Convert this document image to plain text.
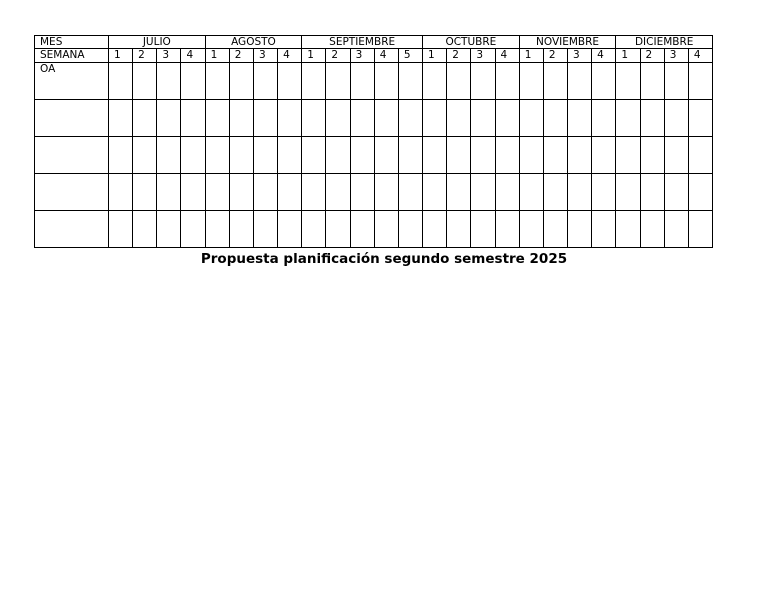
MES	JULIO				AGOSTO				SEPTIEMBRE					OCTUBRE				NOVIEMBRE				DICIEMBRE			
SEMANA	1	2	3	4	1	2	3	4	1	2	3	4	5	1	2	3	4	1	2	3	4	1	2	3	4
OA																									

Propuesta planificación segundo semestre 2025
